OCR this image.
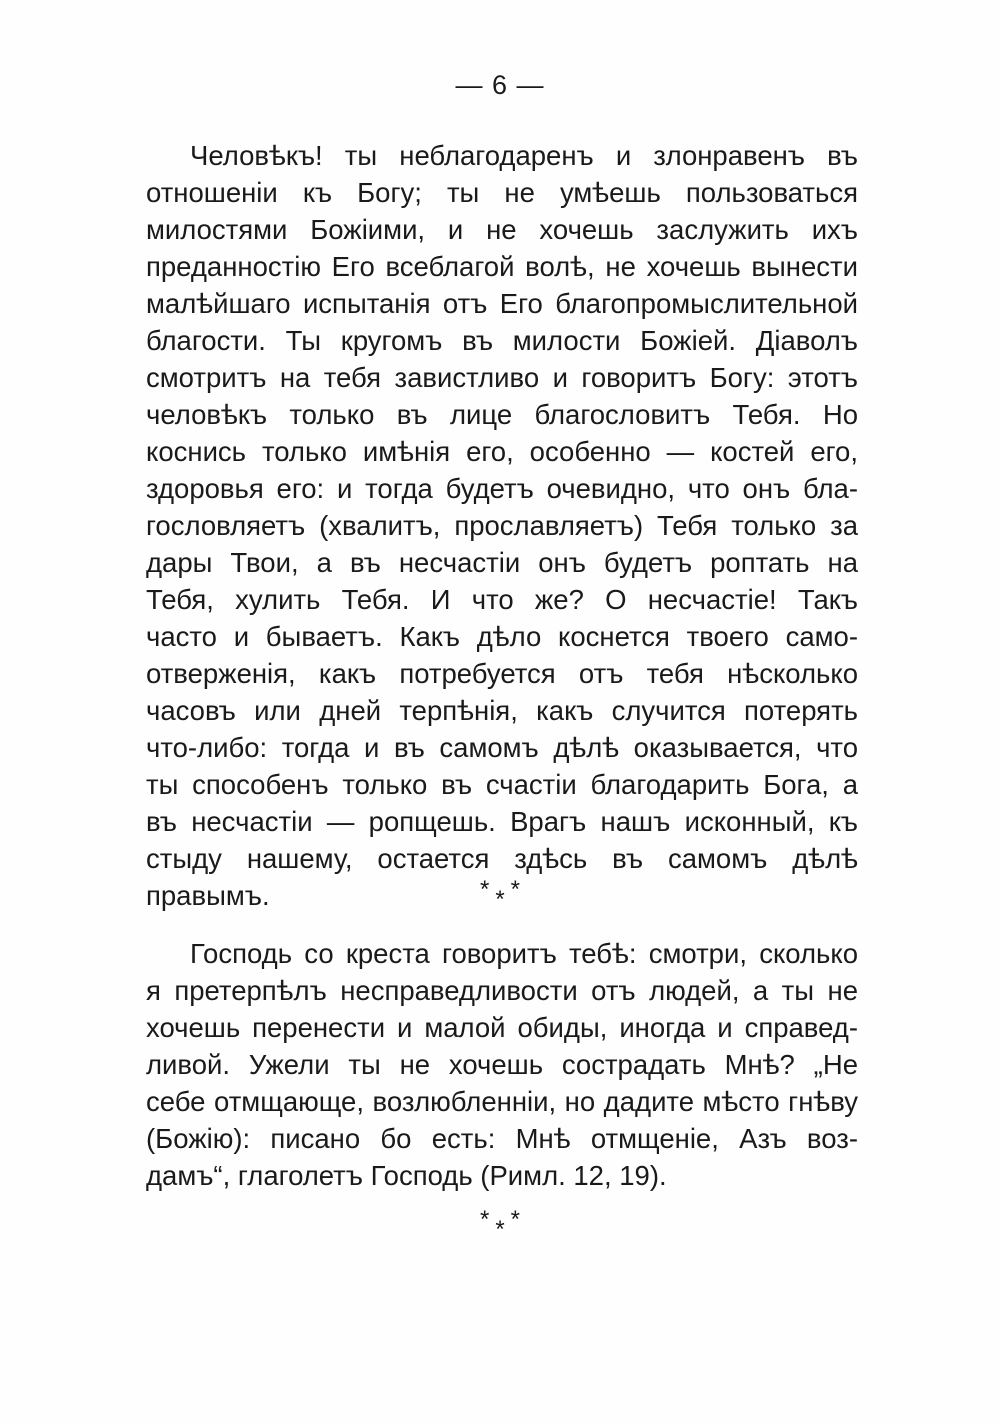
— 6 —
Человѣкъ! ты неблагодаренъ и злонравенъ въ
отношеніи къ Богу; ты не умѣешь пользоваться
милостями Божіими, и не хочешь заслужить ихъ
преданностію Его всеблагой волѣ, не хочешь вынести
малѣйшаго испытанія отъ Его благопромыслительной
благости. Ты кругомъ въ милости Божіей. Діаволъ
смотритъ на тебя завистливо и говоритъ Богу: этотъ
человѣкъ только въ лице благословитъ Тебя. Но
коснись только имѣнія его, особенно — костей его,
здоровья его: и тогда будетъ очевидно, что онъ бла-
гословляетъ (хвалитъ, прославляетъ) Тебя только за
дары Твои, а въ несчастіи онъ будетъ роптать на
Тебя, хулить Тебя. И что же? О несчастіе! Такъ
часто и бываетъ. Какъ дѣло коснется твоего само-
отверженія, какъ потребуется отъ тебя нѣсколько
часовъ или дней терпѣнія, какъ случится потерять
что-либо: тогда и въ самомъ дѣлѣ оказывается, что
ты способенъ только въ счастіи благодарить Бога, а
въ несчастіи — ропщешь. Врагъ нашъ исконный, къ
стыду нашему, остается здѣсь въ самомъ дѣлѣ
правымъ.	* * *
Господь со креста говоритъ тебѣ: смотри, сколько
я претерпѣлъ несправедливости отъ людей, а ты не
хочешь перенести и малой обиды, иногда и справед-
ливой. Ужели ты не хочешь сострадать Мнѣ? „Не
себе отмщающе, возлюбленніи, но дадите мѣсто гнѣву
(Божію): писано бо есть: Мнѣ отмщеніе, Азъ воз-
дамъ“, глаголетъ Господь (Римл. 12, 19).
* * *
